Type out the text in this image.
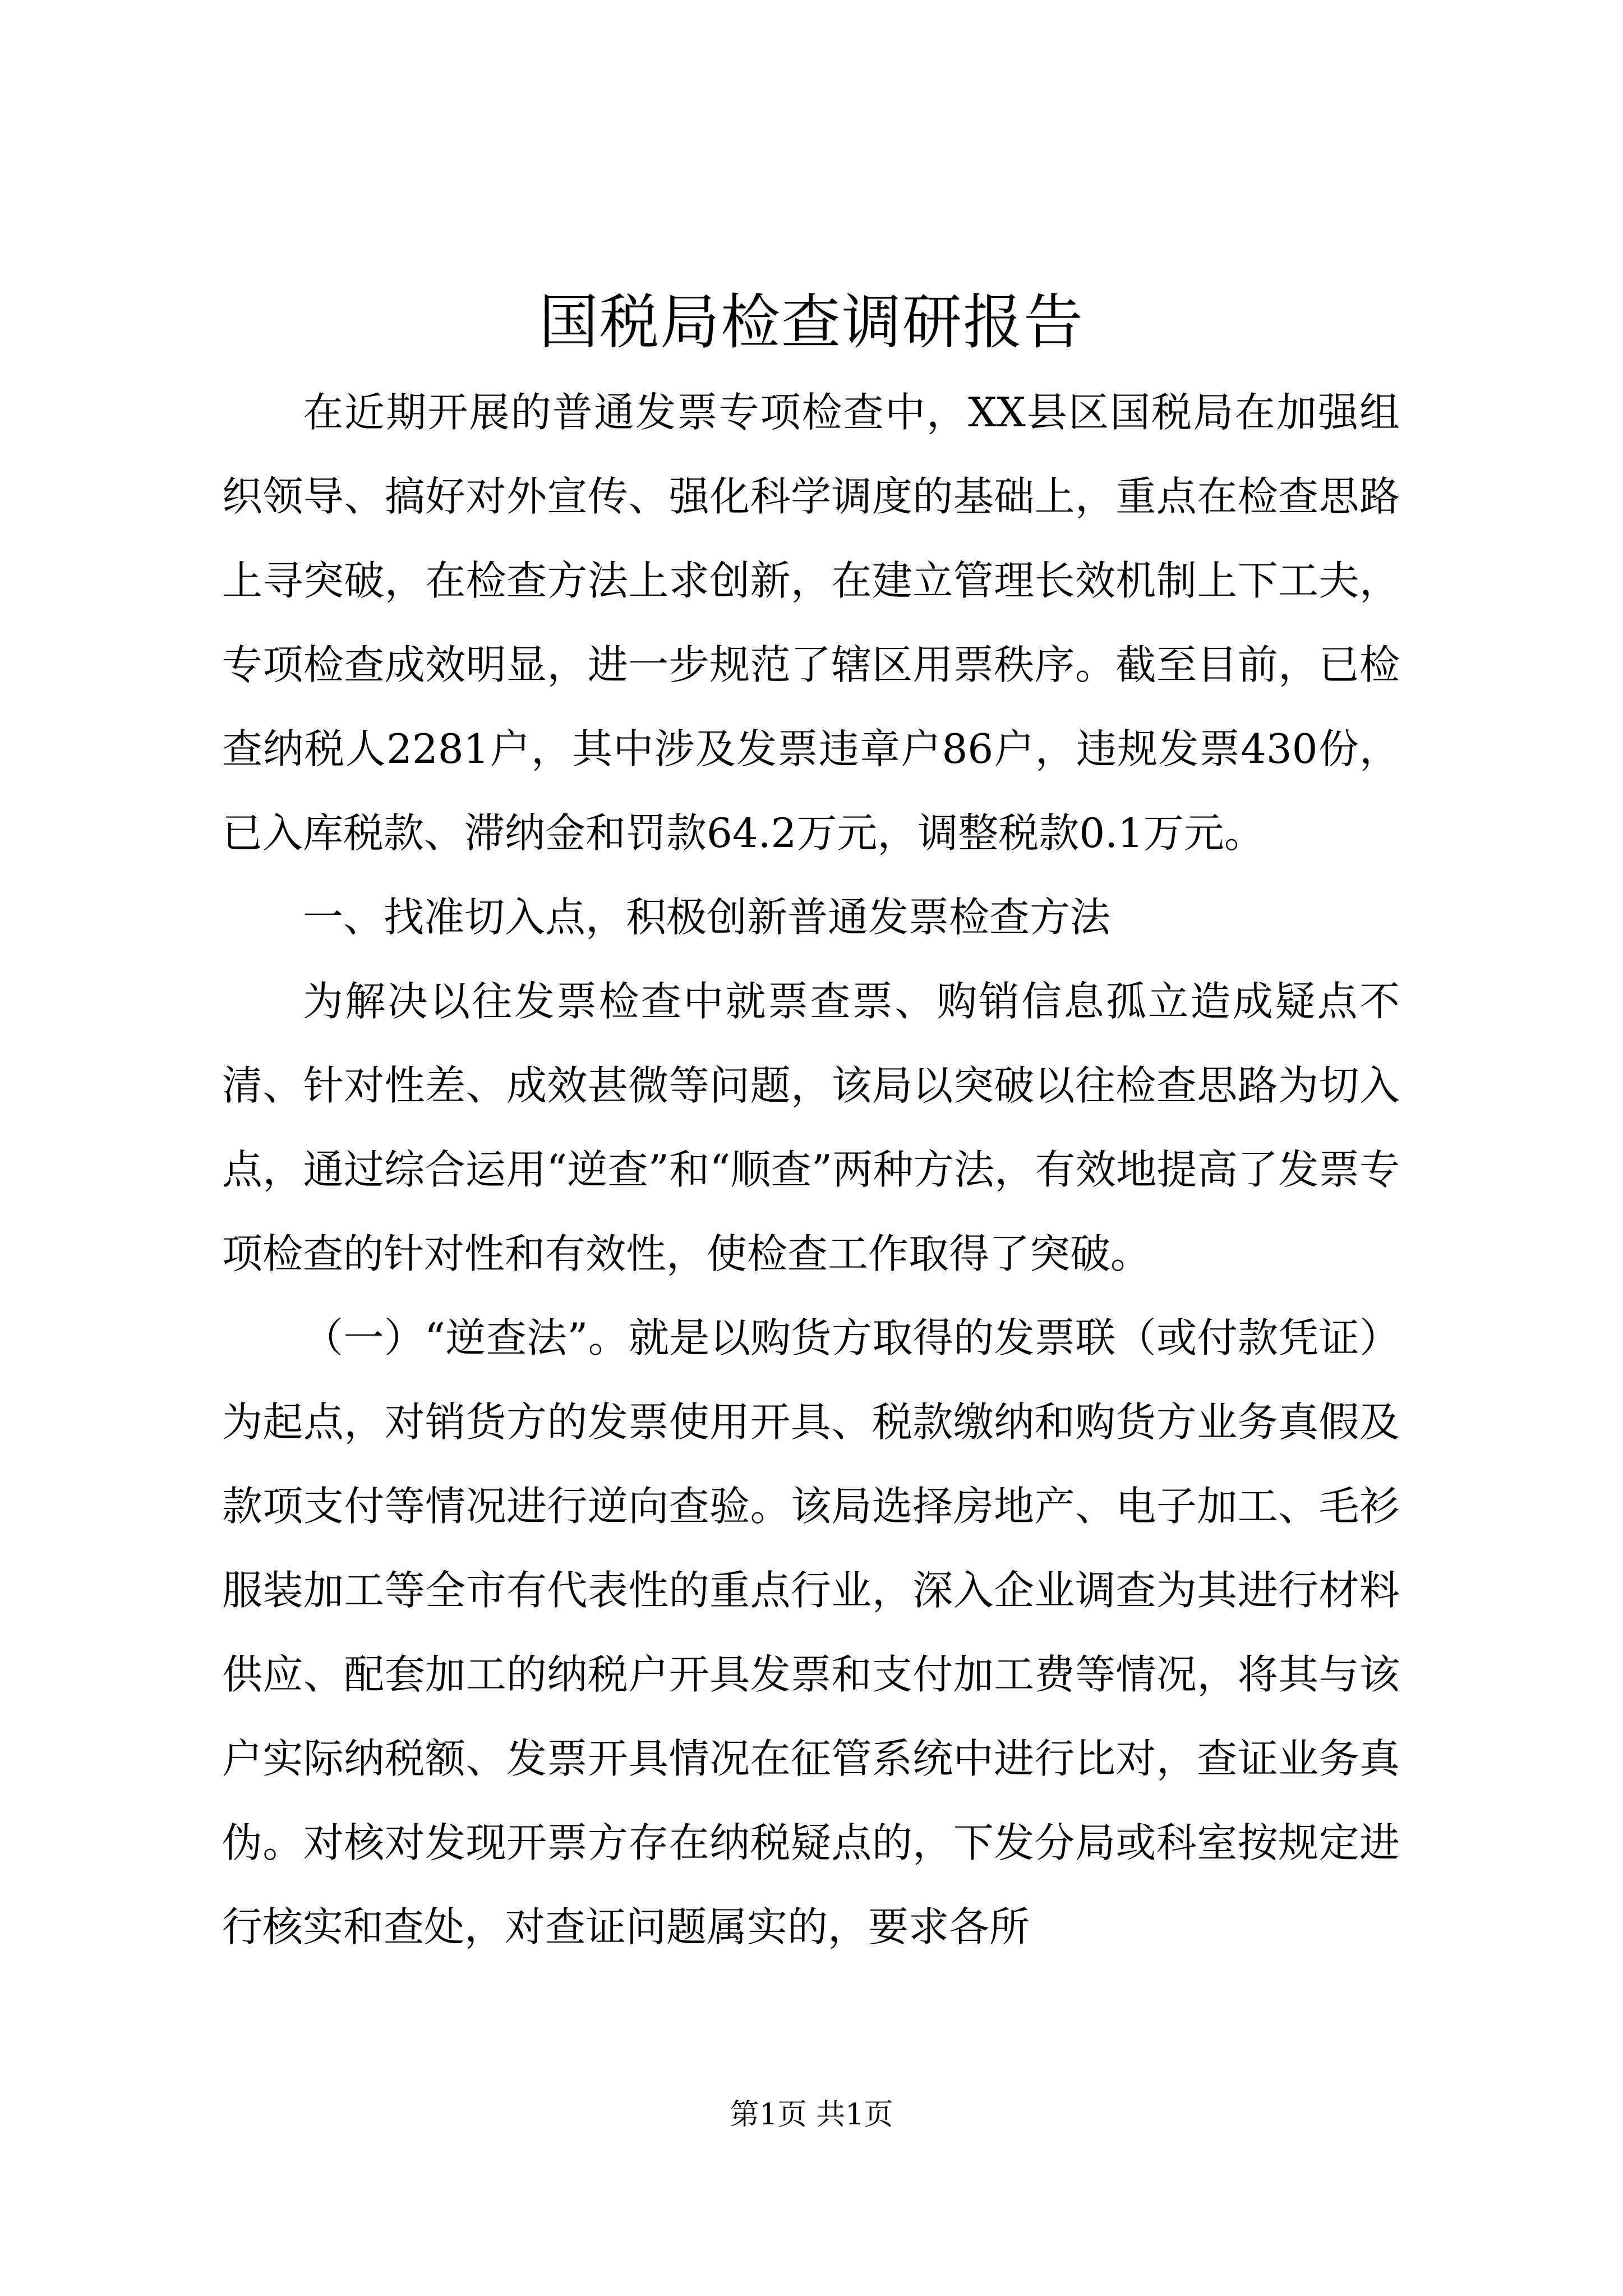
国税局检查调研报告

在近期开展的普通发票专项检查中，XX县区国税局在加强组织领导、搞好对外宣传、强化科学调度的基础上，重点在检查思路上寻突破，在检查方法上求创新，在建立管理长效机制上下工夫，专项检查成效明显，进一步规范了辖区用票秩序。截至目前，已检查纳税人2281户，其中涉及发票违章户86户，违规发票430份，已入库税款、滞纳金和罚款64.2万元，调整税款0.1万元。

一、找准切入点，积极创新普通发票检查方法

为解决以往发票检查中就票查票、购销信息孤立造成疑点不清、针对性差、成效甚微等问题，该局以突破以往检查思路为切入点，通过综合运用“逆查”和“顺查”两种方法，有效地提高了发票专项检查的针对性和有效性，使检查工作取得了突破。

（一）“逆查法”。就是以购货方取得的发票联（或付款凭证）为起点，对销货方的发票使用开具、税款缴纳和购货方业务真假及款项支付等情况进行逆向查验。该局选择房地产、电子加工、毛衫服装加工等全市有代表性的重点行业，深入企业调查为其进行材料供应、配套加工的纳税户开具发票和支付加工费等情况，将其与该户实际纳税额、发票开具情况在征管系统中进行比对，查证业务真伪。对核对发现开票方存在纳税疑点的，下发分局或科室按规定进行核实和查处，对查证问题属实的，要求各所

第1页 共1页
